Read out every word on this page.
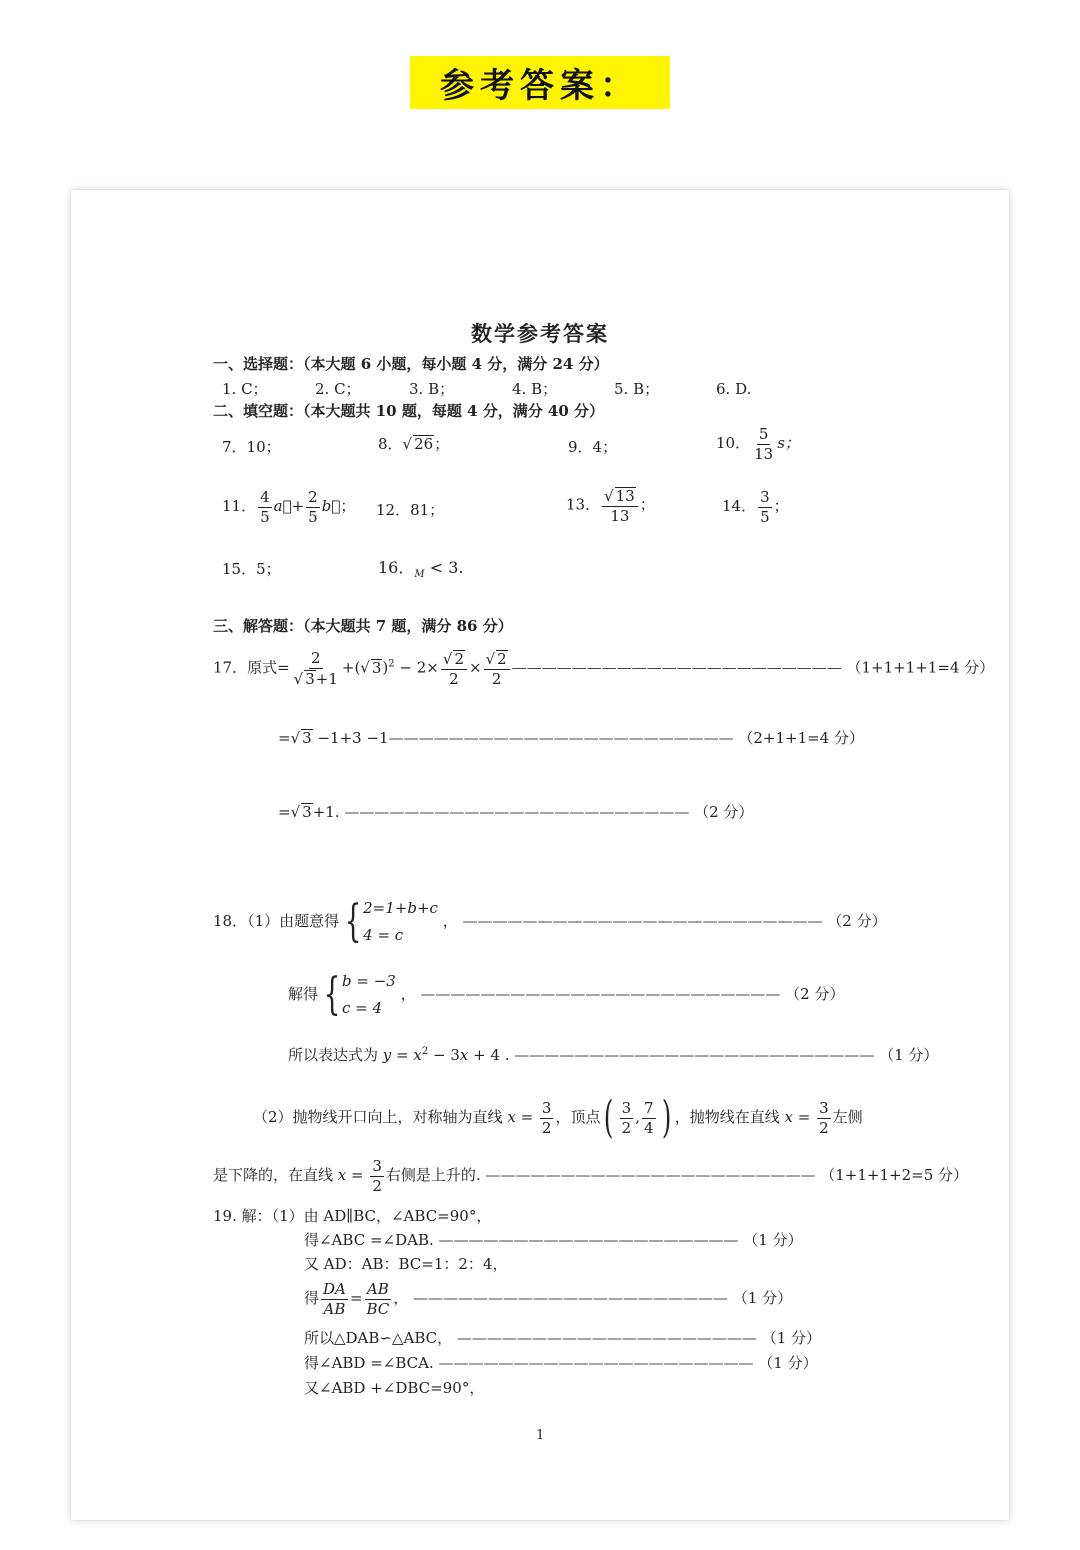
参考答案：
数学参考答案
一、选择题：（本大题 6 小题，每小题 4 分，满分 24 分）
1. C；	2. C；	3. B；	4. B；	5. B；	6. D.
二、填空题：（本大题共 10 题，每题 4 分，满分 40 分）
7．10；	8．√ 26；	9．4；	10． $\frac{5}{13}$ s；
11． $\frac{4}{5}$ a⃗+ $\frac{2}{5}$ b⃗； 12．81；	13． $\frac{√ 13}{13}$ ；	14． $\frac{3}{5}$ ；
15．5；	16．$_M$ < 3.
三、解答题：（本大题共 7 题，满分 86 分）
17．原式= $\frac{2}{√ 3+1}$ +(√ $3)^2 - 2\times \frac{√ 2}{2} \times \frac{√ 2}{2}$ —————————————————————— （1+1+1+1=4 分）
=√ 3 −1+3 −1——————————————————————— （2+1+1=4 分）
=√ 3+1. ——————————————————————— （2 分）
18．（1）由题意得 { 2=1+b+c
4 = c
， ———————————————————————— （2 分）
解得 { b = −3
c = 4
， ———————————————————————— （2 分）
所以表达式为 $y = x^2 - 3x + 4$ . ———————————————————————— （1 分）
（2）抛物线开口向上，对称轴为直线 $x = \frac{3}{2}$ ，顶点( $\frac{3}{2}$ , $\frac{7}{4}$ ) ，抛物线在直线 $x = \frac{3}{2}$ 左侧
是下降的，在直线 $x = \frac{3}{2}$ 右侧是上升的. —————————————————————— （1+1+1+2=5 分）
19. 解：（1）由 AD∥BC，∠ABC=90°，
得∠ABC =∠DAB. ———————————————————— （1 分）
又 AD：AB：BC=1：2：4，
得 $\frac{DA}{AB} = \frac{AB}{BC}$ ， ————————————————————— （1 分）
所以△DAB∽△ABC， ———————————————————— （1 分）
得∠ABD =∠BCA. ————————————————————— （1 分）
又∠ABD +∠DBC=90°，
1
